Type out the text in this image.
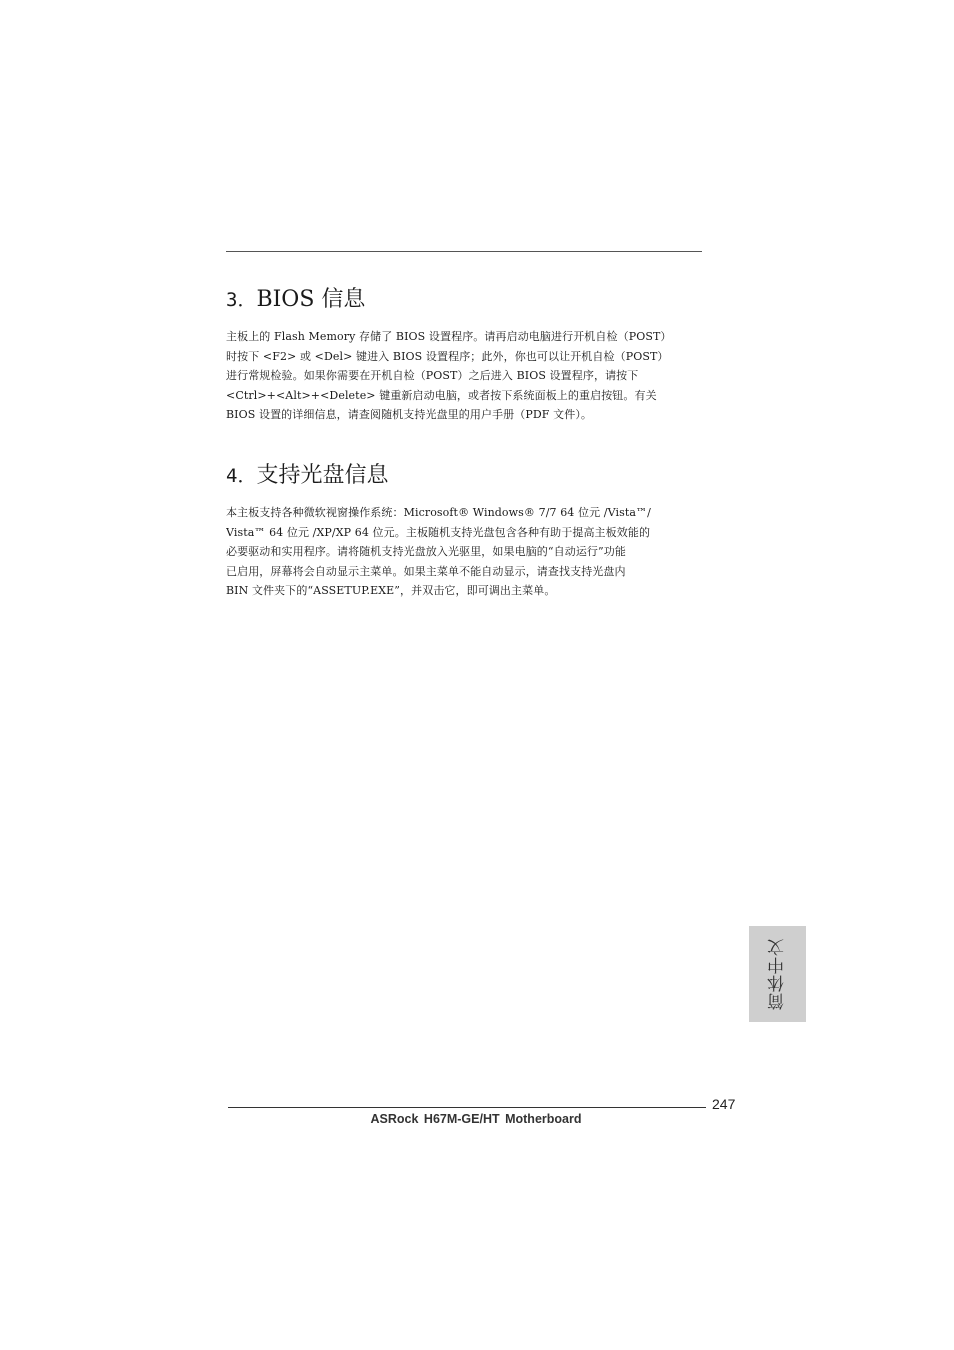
3．BIOS 信息

主板上的 Flash Memory 存储了 BIOS 设置程序。请再启动电脑进行开机自检（POST）
时按下 <F2> 或 <Del> 键进入 BIOS 设置程序；此外，你也可以让开机自检（POST）
进行常规检验。如果你需要在开机自检（POST）之后进入 BIOS 设置程序，请按下
<Ctrl>+<Alt>+<Delete> 键重新启动电脑，或者按下系统面板上的重启按钮。有关
BIOS 设置的详细信息，请查阅随机支持光盘里的用户手册（PDF 文件）。

4．支持光盘信息

本主板支持各种微软视窗操作系统：Microsoft® Windows® 7/7 64 位元 /Vista™/
Vista™ 64 位元 /XP/XP 64 位元。主板随机支持光盘包含各种有助于提高主板效能的
必要驱动和实用程序。请将随机支持光盘放入光驱里，如果电脑的“自动运行”功能
已启用，屏幕将会自动显示主菜单。如果主菜单不能自动显示，请查找支持光盘内
BIN 文件夹下的“ASSETUP.EXE”，并双击它，即可调出主菜单。

简体中文
247
ASRock H67M-GE/HT Motherboard
